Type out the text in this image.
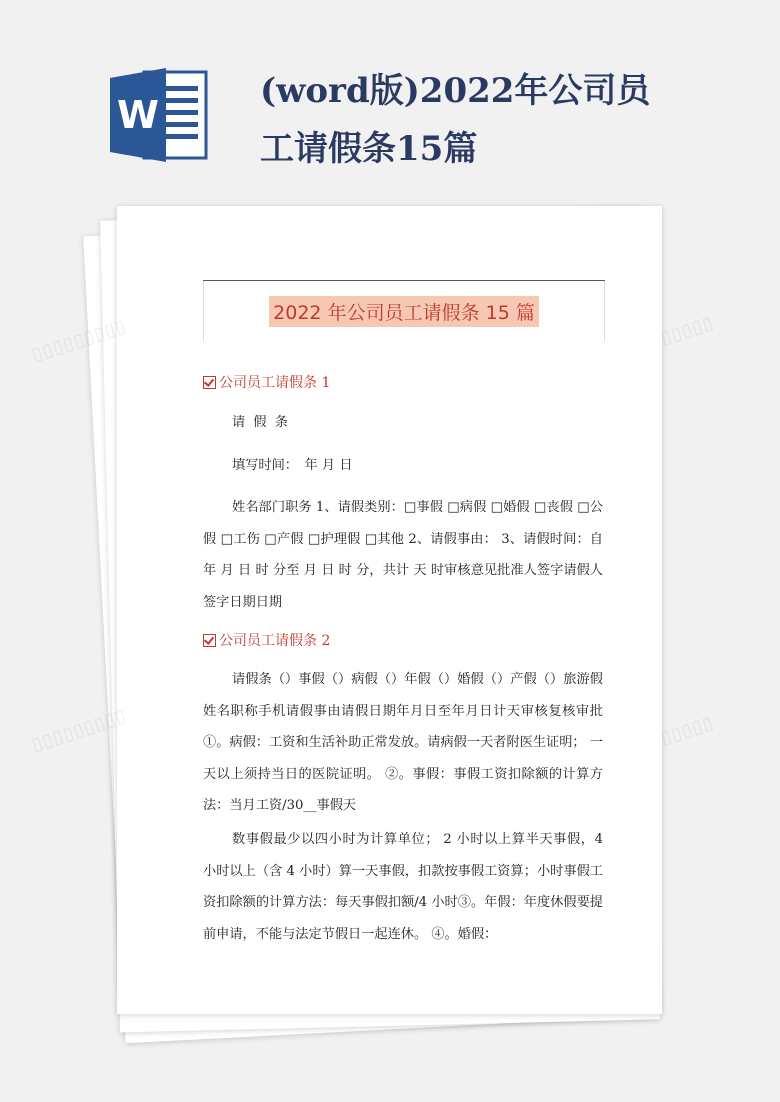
W
(word版)2022年公司员工请假条15篇
2022 年公司员工请假条 15 篇
公司员工请假条 1
请 假 条
填写时间：　年 月 日
姓名部门职务 1、请假类别：□事假 □病假 □婚假 □丧假 □公假 □工伤 □产假 □护理假 □其他 2、请假事由： 3、请假时间：自 年 月 日 时 分至 月 日 时 分，共计 天 时审核意见批准人签字请假人签字日期日期
公司员工请假条 2
请假条（）事假（）病假（）年假（）婚假（）产假（）旅游假姓名职称手机请假事由请假日期年月日至年月日计天审核复核审批①。病假：工资和生活补助正常发放。请病假一天者附医生证明； 一天以上须持当日的医院证明。 ②。事假：事假工资扣除额的计算方法：当月工资/30__事假天
数事假最少以四小时为计算单位； 2 小时以上算半天事假，4 小时以上（含 4 小时）算一天事假，扣款按事假工资算；小时事假工资扣除额的计算方法：每天事假扣额/4 小时③。年假：年度休假要提前申请，不能与法定节假日一起连休。 ④。婚假：
▯▯▯▯▯▯▯▯▯	▯▯▯▯▯
▯▯▯▯▯▯▯▯▯	▯▯▯▯▯
